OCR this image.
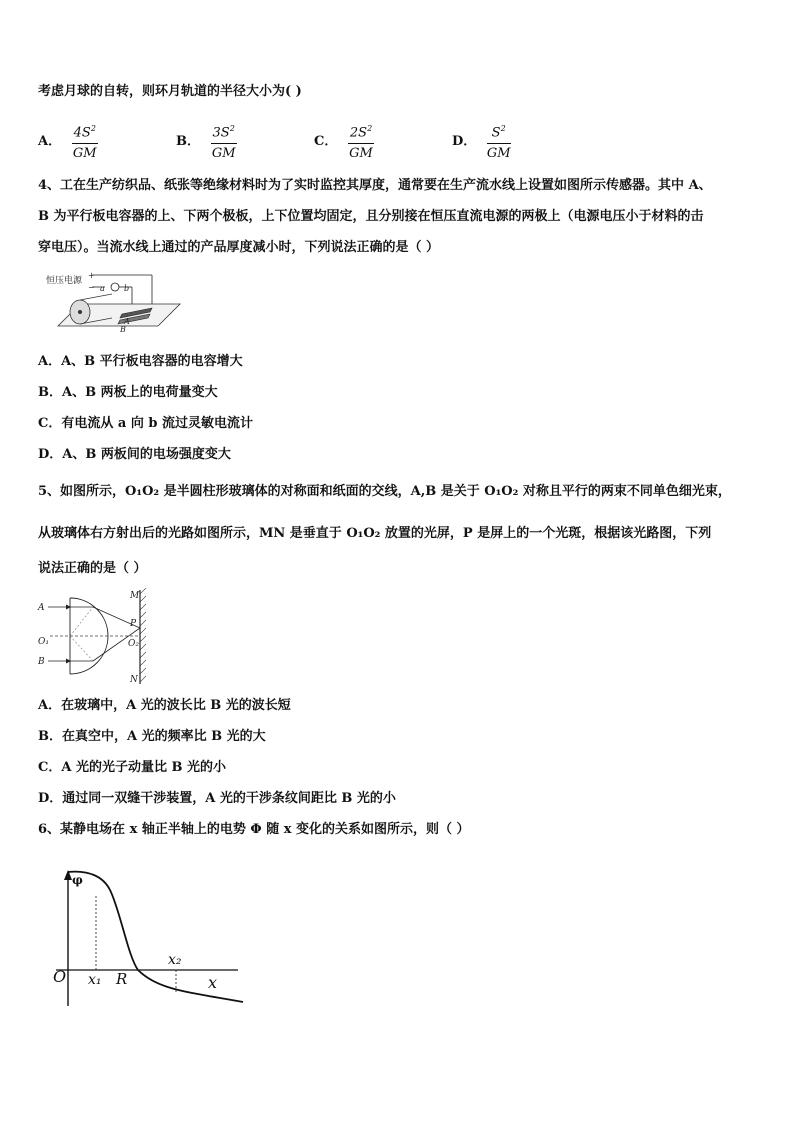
考虑月球的自转，则环月轨道的半径大小为( )
A． $\frac{4S^2}{GM}$	B． $\frac{3S^2}{GM}$	C． $\frac{2S^2}{GM}$	D． $\frac{S^2}{GM}$
4、工在生产纺织品、纸张等绝缘材料时为了实时监控其厚度，通常要在生产流水线上设置如图所示传感器。其中 A、
B 为平行板电容器的上、下两个极板，上下位置均固定，且分别接在恒压直流电源的两极上（电源电压小于材料的击
穿电压）。当流水线上通过的产品厚度减小时，下列说法正确的是（ ）
恒压电源
+
− a b
A
B
A．A、B 平行板电容器的电容增大
B．A、B 两板上的电荷量变大
C．有电流从 a 向 b 流过灵敏电流计
D．A、B 两板间的电场强度变大
5、如图所示，O₁O₂ 是半圆柱形玻璃体的对称面和纸面的交线，A,B 是关于 O₁O₂ 对称且平行的两束不同单色细光束，
从玻璃体右方射出后的光路如图所示，MN 是垂直于 O₁O₂ 放置的光屏，P 是屏上的一个光斑，根据该光路图，下列
说法正确的是（ ）
A
O₁
B
M
P
O₂
N
A．在玻璃中，A 光的波长比 B 光的波长短
B．在真空中，A 光的频率比 B 光的大
C．A 光的光子动量比 B 光的小
D．通过同一双缝干涉装置，A 光的干涉条纹间距比 B 光的小
6、某静电场在 x 轴正半轴上的电势 Φ 随 x 变化的关系如图所示，则（ ）
φ
O	x
x₁ R
x₂
